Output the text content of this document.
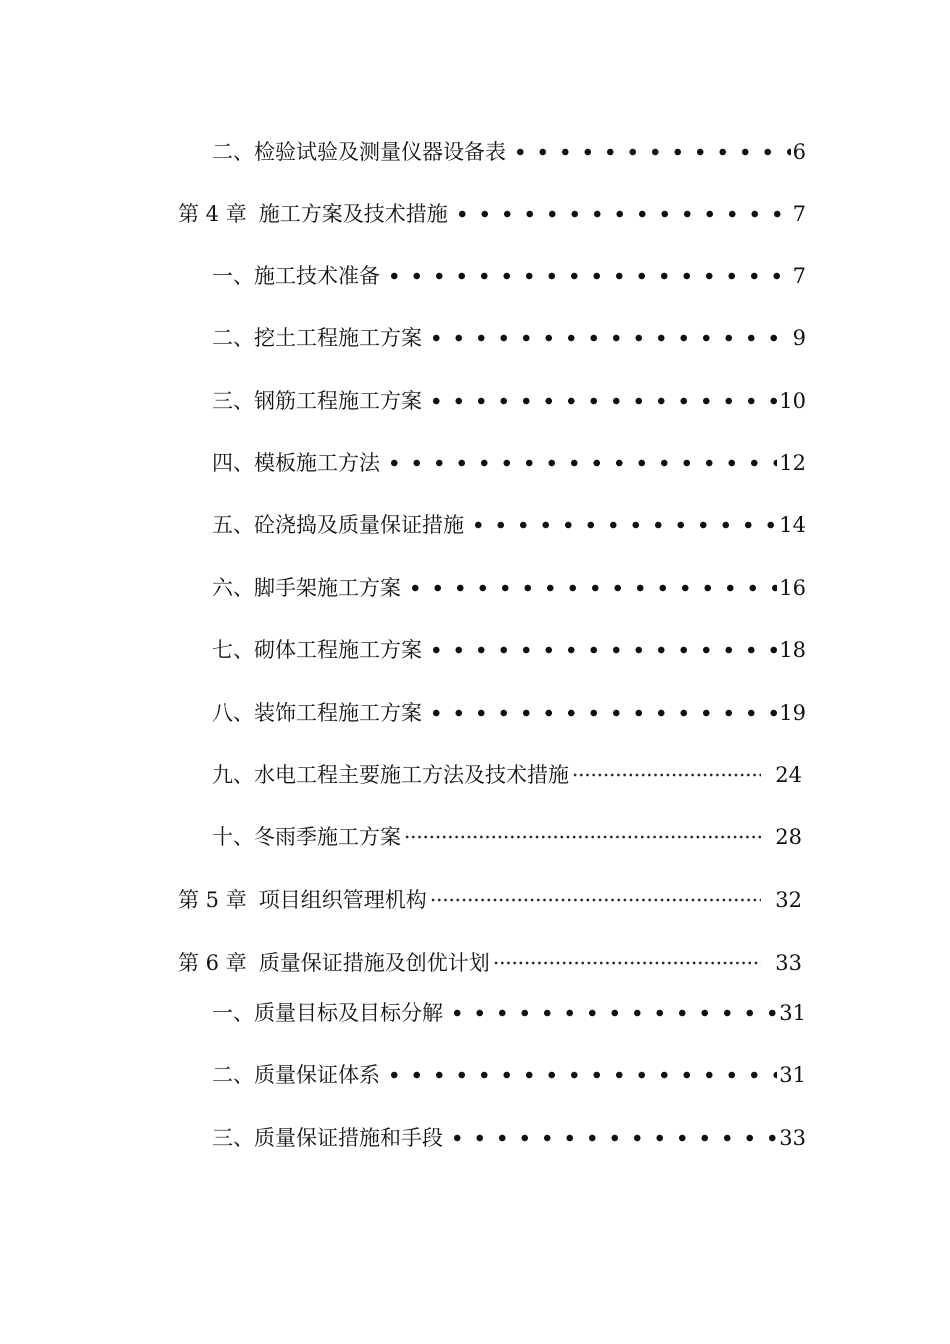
二、检验试验及测量仪器设备表	6
第 4 章 施工方案及技术措施	7
一、施工技术准备	7
二、挖土工程施工方案	9
三、钢筋工程施工方案	10
四、模板施工方法	12
五、砼浇捣及质量保证措施	14
六、脚手架施工方案	16
七、砌体工程施工方案	18
八、装饰工程施工方案	19
九、水电工程主要施工方法及技术措施	24
十、冬雨季施工方案	28
第 5 章 项目组织管理机构	32
第 6 章 质量保证措施及创优计划	33
一、质量目标及目标分解	31
二、质量保证体系	31
三、质量保证措施和手段	33
